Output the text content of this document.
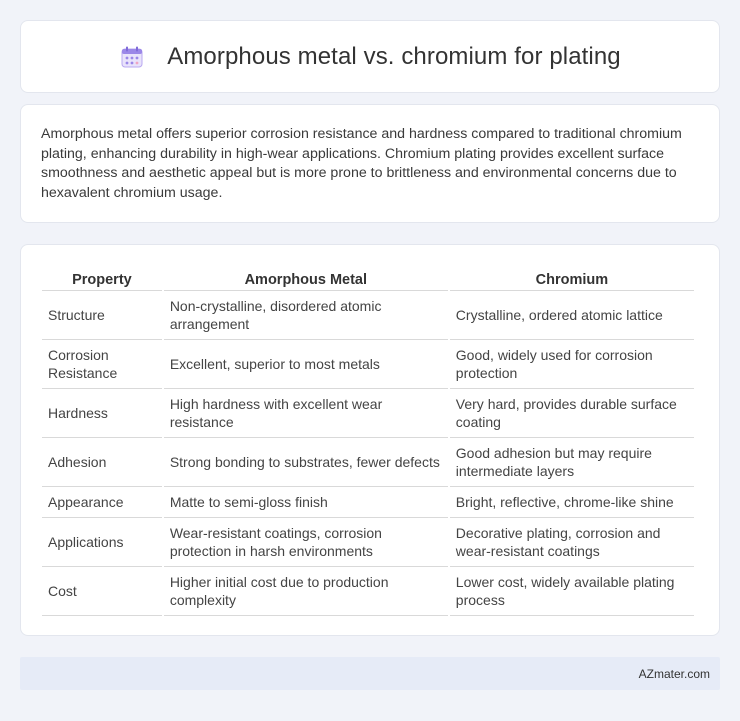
Amorphous metal vs. chromium for plating

Amorphous metal offers superior corrosion resistance and hardness compared to traditional chromium plating, enhancing durability in high-wear applications. Chromium plating provides excellent surface smoothness and aesthetic appeal but is more prone to brittleness and environmental concerns due to hexavalent chromium usage.

Property	Amorphous Metal	Chromium
Structure	Non-crystalline, disordered atomic arrangement	Crystalline, ordered atomic lattice
Corrosion Resistance	Excellent, superior to most metals	Good, widely used for corrosion protection
Hardness	High hardness with excellent wear resistance	Very hard, provides durable surface coating
Adhesion	Strong bonding to substrates, fewer defects	Good adhesion but may require intermediate layers
Appearance	Matte to semi-gloss finish	Bright, reflective, chrome-like shine
Applications	Wear-resistant coatings, corrosion protection in harsh environments	Decorative plating, corrosion and wear-resistant coatings
Cost	Higher initial cost due to production complexity	Lower cost, widely available plating process
AZmater.com
